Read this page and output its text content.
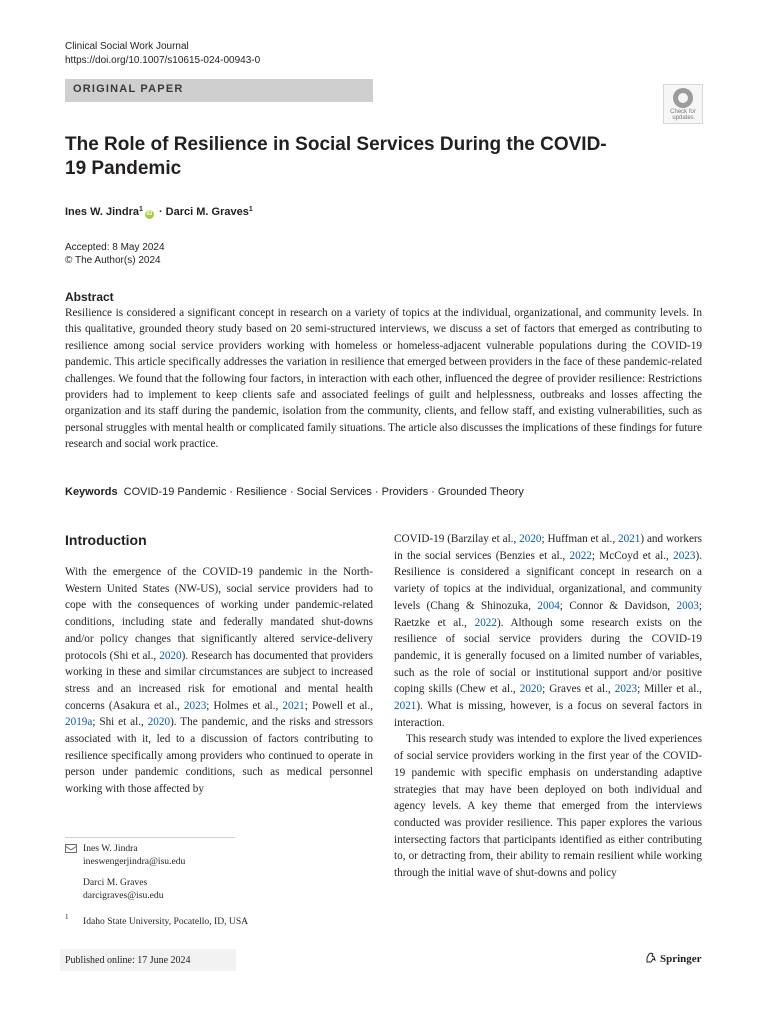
Clinical Social Work Journal
https://doi.org/10.1007/s10615-024-00943-0
ORIGINAL PAPER
Check for updates
The Role of Resilience in Social Services During the COVID-19 Pandemic
Ines W. Jindra$^1$iD · Darci M. Graves$^1$
Accepted: 8 May 2024
© The Author(s) 2024
Abstract

Resilience is considered a significant concept in research on a variety of topics at the individual, organizational, and community levels. In this qualitative, grounded theory study based on 20 semi-structured interviews, we discuss a set of factors that emerged as contributing to resilience among social service providers working with homeless or homeless-adjacent vulnerable populations during the COVID-19 pandemic. This article specifically addresses the variation in resilience that emerged between providers in the face of these pandemic-related challenges. We found that the following four factors, in interaction with each other, influenced the degree of provider resilience: Restrictions providers had to implement to keep clients safe and associated feelings of guilt and helplessness, outbreaks and losses affecting the organization and its staff during the pandemic, isolation from the community, clients, and fellow staff, and existing vulnerabilities, such as personal struggles with mental health or complicated family situations. The article also discusses the implications of these findings for future research and social work practice.

Keywords COVID-19 Pandemic · Resilience · Social Services · Providers · Grounded Theory
Introduction

With the emergence of the COVID-19 pandemic in the North-Western United States (NW-US), social service providers had to cope with the consequences of working under pandemic-related conditions, including state and federally mandated shut-downs and/or policy changes that significantly altered service-delivery protocols (Shi et al., 2020). Research has documented that providers working in these and similar circumstances are subject to increased stress and an increased risk for emotional and mental health concerns (Asakura et al., 2023; Holmes et al., 2021; Powell et al., 2019a; Shi et al., 2020). The pandemic, and the risks and stressors associated with it, led to a discussion of factors contributing to resilience specifically among providers who continued to operate in person under pandemic conditions, such as medical personnel working with those affected by

COVID-19 (Barzilay et al., 2020; Huffman et al., 2021) and workers in the social services (Benzies et al., 2022; McCoyd et al., 2023). Resilience is considered a significant concept in research on a variety of topics at the individual, organizational, and community levels (Chang & Shinozuka, 2004; Connor & Davidson, 2003; Raetzke et al., 2022). Although some research exists on the resilience of social service providers during the COVID-19 pandemic, it is generally focused on a limited number of variables, such as the role of social or institutional support and/or positive coping skills (Chew et al., 2020; Graves et al., 2023; Miller et al., 2021). What is missing, however, is a focus on several factors in interaction.

This research study was intended to explore the lived experiences of social service providers working in the first year of the COVID-19 pandemic with specific emphasis on understanding adaptive strategies that may have been deployed on both individual and agency levels. A key theme that emerged from the interviews conducted was provider resilience. This paper explores the various intersecting factors that participants identified as either contributing to, or detracting from, their ability to remain resilient while working through the initial wave of shut-downs and policy

Ines W. Jindra
ineswengerjindra@isu.edu
Darci M. Graves
darcigraves@isu.edu
1 Idaho State University, Pocatello, ID, USA
Published online: 17 June 2024	Springer
